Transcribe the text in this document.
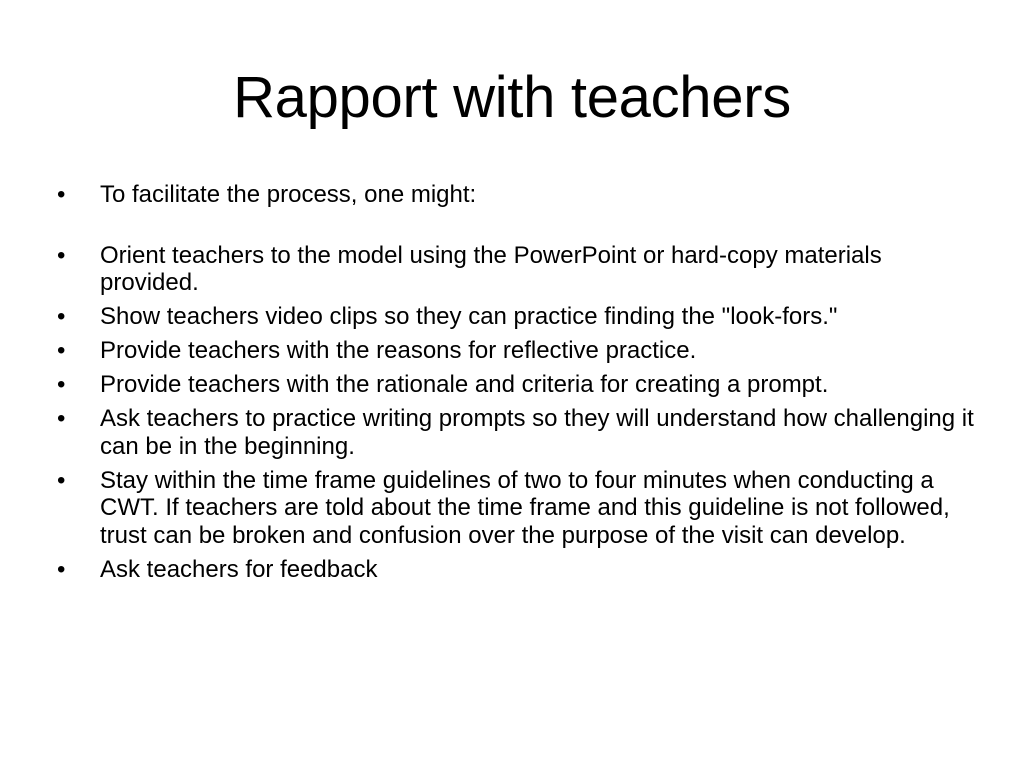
Rapport with teachers
•	To facilitate the process, one might:
•	Orient teachers to the model using the PowerPoint or hard-copy materials provided.
•	Show teachers video clips so they can practice finding the "look-fors."
•	Provide teachers with the reasons for reflective practice.
•	Provide teachers with the rationale and criteria for creating a prompt.
•	Ask teachers to practice writing prompts so they will understand how challenging it can be in the beginning.
•	Stay within the time frame guidelines of two to four minutes when conducting a CWT. If teachers are told about the time frame and this guideline is not followed, trust can be broken and confusion over the purpose of the visit can develop.
•	Ask teachers for feedback
